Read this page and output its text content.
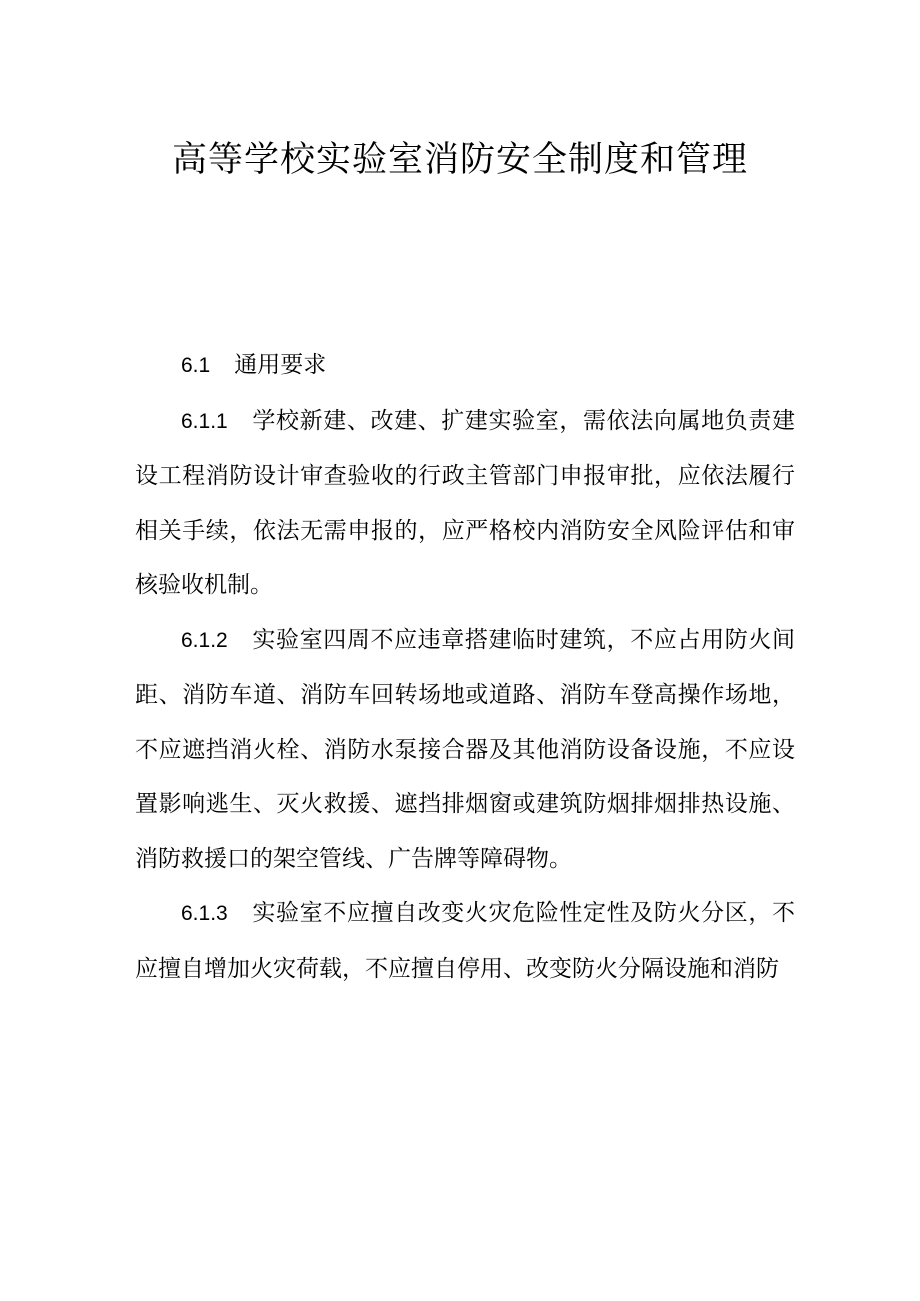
高等学校实验室消防安全制度和管理

6.1 通用要求

6.1.1 学校新建、改建、扩建实验室，需依法向属地负责建设工程消防设计审查验收的行政主管部门申报审批，应依法履行相关手续，依法无需申报的，应严格校内消防安全风险评估和审核验收机制。

6.1.2 实验室四周不应违章搭建临时建筑，不应占用防火间距、消防车道、消防车回转场地或道路、消防车登高操作场地，不应遮挡消火栓、消防水泵接合器及其他消防设备设施，不应设置影响逃生、灭火救援、遮挡排烟窗或建筑防烟排烟排热设施、消防救援口的架空管线、广告牌等障碍物。

6.1.3 实验室不应擅自改变火灾危险性定性及防火分区，不应擅自增加火灾荷载，不应擅自停用、改变防火分隔设施和消防
